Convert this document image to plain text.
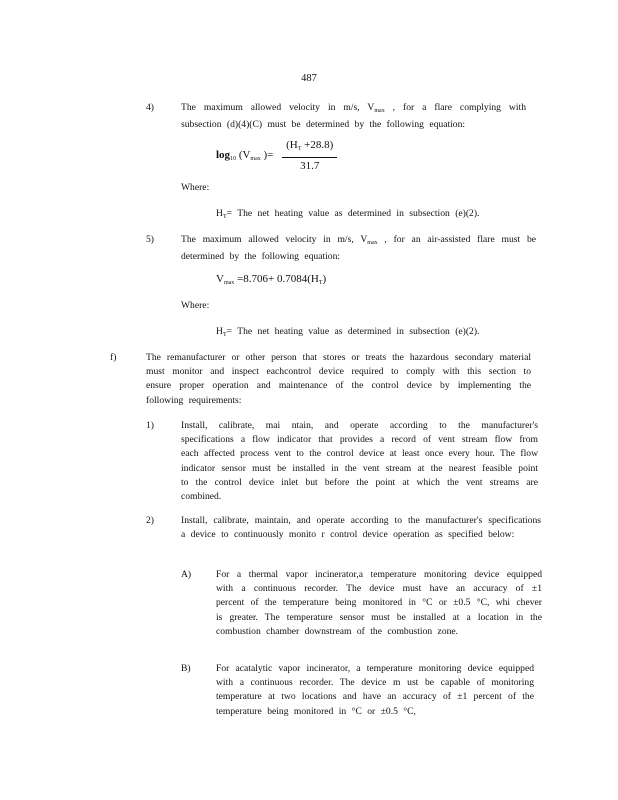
487
4)	The maximum allowed velocity in m/s, $V_{max}$ , for a flare complying with subsection (d)(4)(C) must be determined by the following equation:
$\log_{10} (V_{max}$ )= $\frac{(H_T +28.8)}{31.7}$
Where:
$H_T=$ The net heating value as determined in subsection (e)(2).
5)	The maximum allowed velocity in m/s, $V_{max}$ , for an air-assisted flare must be determined by the following equation:
$V_{max} =8.706+ 0.7084(H_T)$
Where:
$H_T=$ The net heating value as determined in subsection (e)(2).
f)	The remanufacturer or other person that stores or treats the hazardous secondary material must monitor and inspect eachcontrol device required to comply with this section to ensure proper operation and maintenance of the control device by implementing the following requirements:
1)	Install, calibrate, mai ntain, and operate according to the manufacturer's specifications a flow indicator that provides a record of vent stream flow from each affected process vent to the control device at least once every hour. The flow indicator sensor must be installed in the vent stream at the nearest feasible point to the control device inlet but before the point at which the vent streams are combined.
2)	Install, calibrate, maintain, and operate according to the manufacturer's specifications a device to continuously monito r control device operation as specified below:
A)	For a thermal vapor incinerator,a temperature monitoring device equipped with a continuous recorder. The device must have an accuracy of ±1 percent of the temperature being monitored in °C or ±0.5 °C, whi chever is greater. The temperature sensor must be installed at a location in the combustion chamber downstream of the combustion zone.
B)	For acatalytic vapor incinerator, a temperature monitoring device equipped with a continuous recorder. The device m ust be capable of monitoring temperature at two locations and have an accuracy of ±1 percent of the temperature being monitored in °C or ±0.5 °C,
